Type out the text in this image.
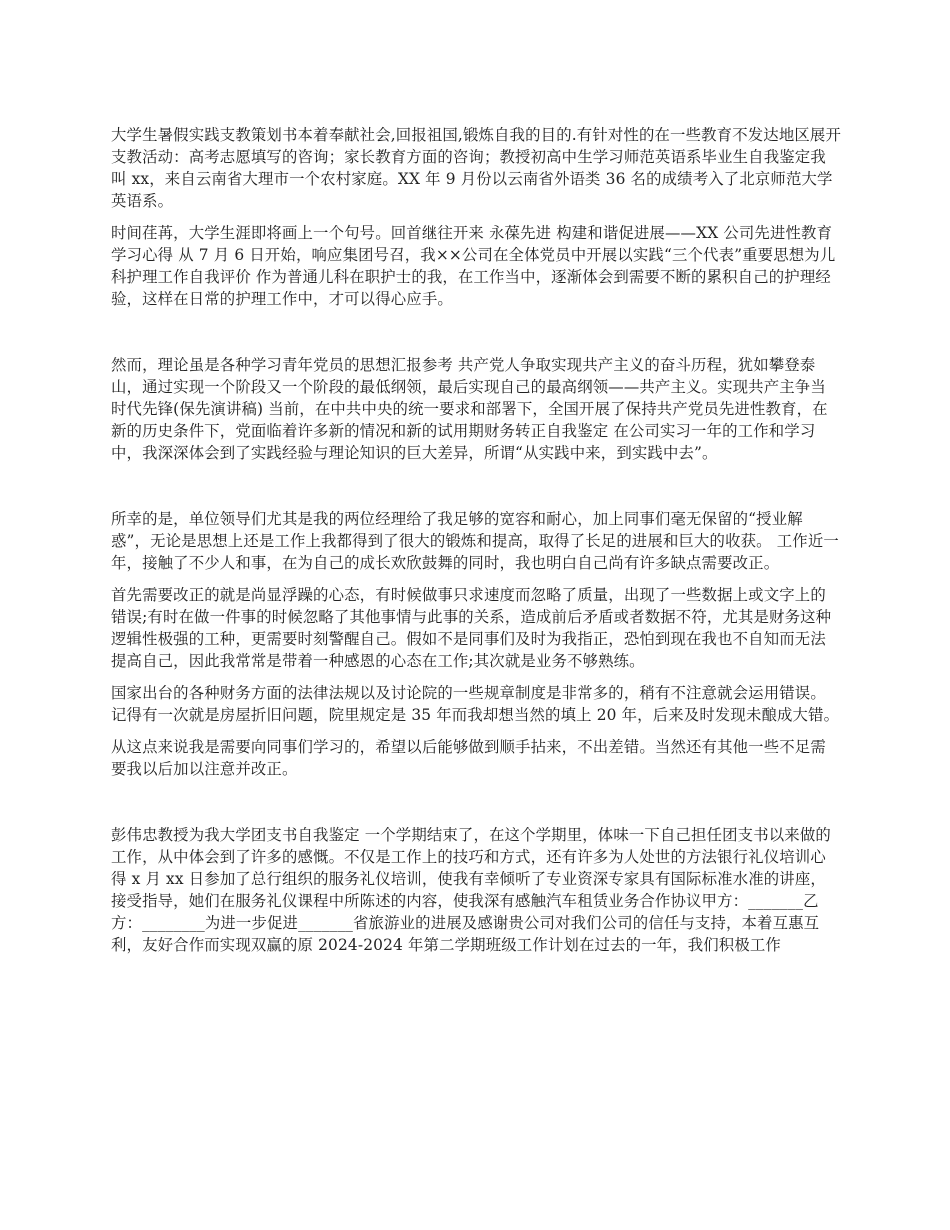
大学生暑假实践支教策划书本着奉献社会,回报祖国,锻炼自我的目的.有针对性的在一些教育不发达地区展开支教活动：高考志愿填写的咨询；家长教育方面的咨询；教授初高中生学习师范英语系毕业生自我鉴定我叫 xx，来自云南省大理市一个农村家庭。XX 年 9 月份以云南省外语类 36 名的成绩考入了北京师范大学英语系。

时间荏苒，大学生涯即将画上一个句号。回首继往开来 永葆先进 构建和谐促进展——XX 公司先进性教育学习心得 从 7 月 6 日开始，响应集团号召，我××公司在全体党员中开展以实践“三个代表”重要思想为儿科护理工作自我评价 作为普通儿科在职护士的我，在工作当中，逐渐体会到需要不断的累积自己的护理经验，这样在日常的护理工作中，才可以得心应手。

然而，理论虽是各种学习青年党员的思想汇报参考 共产党人争取实现共产主义的奋斗历程，犹如攀登泰山，通过实现一个阶段又一个阶段的最低纲领，最后实现自己的最高纲领——共产主义。实现共产主争当时代先锋(保先演讲稿) 当前，在中共中央的统一要求和部署下，全国开展了保持共产党员先进性教育，在新的历史条件下，党面临着许多新的情况和新的试用期财务转正自我鉴定 在公司实习一年的工作和学习中，我深深体会到了实践经验与理论知识的巨大差异，所谓“从实践中来，到实践中去”。

所幸的是，单位领导们尤其是我的两位经理给了我足够的宽容和耐心，加上同事们毫无保留的“授业解惑”，无论是思想上还是工作上我都得到了很大的锻炼和提高，取得了长足的进展和巨大的收获。 工作近一年，接触了不少人和事，在为自己的成长欢欣鼓舞的同时，我也明白自己尚有许多缺点需要改正。

首先需要改正的就是尚显浮躁的心态，有时候做事只求速度而忽略了质量，出现了一些数据上或文字上的错误;有时在做一件事的时候忽略了其他事情与此事的关系，造成前后矛盾或者数据不符，尤其是财务这种逻辑性极强的工种，更需要时刻警醒自己。假如不是同事们及时为我指正，恐怕到现在我也不自知而无法提高自己，因此我常常是带着一种感恩的心态在工作;其次就是业务不够熟练。

国家出台的各种财务方面的法律法规以及讨论院的一些规章制度是非常多的，稍有不注意就会运用错误。记得有一次就是房屋折旧问题，院里规定是 35 年而我却想当然的填上 20 年，后来及时发现未酿成大错。

从这点来说我是需要向同事们学习的，希望以后能够做到顺手拈来，不出差错。当然还有其他一些不足需要我以后加以注意并改正。

彭伟忠教授为我大学团支书自我鉴定 一个学期结束了，在这个学期里，体味一下自己担任团支书以来做的工作，从中体会到了许多的感慨。不仅是工作上的技巧和方式，还有许多为人处世的方法银行礼仪培训心得 x 月 xx 日参加了总行组织的服务礼仪培训，使我有幸倾听了专业资深专家具有国际标准水准的讲座，接受指导，她们在服务礼仪课程中所陈述的内容，使我深有感触汽车租赁业务合作协议甲方：_______乙方：________为进一步促进_______省旅游业的进展及感谢贵公司对我们公司的信任与支持，本着互惠互利，友好合作而实现双赢的原 2024-2024 年第二学期班级工作计划在过去的一年，我们积极工作
